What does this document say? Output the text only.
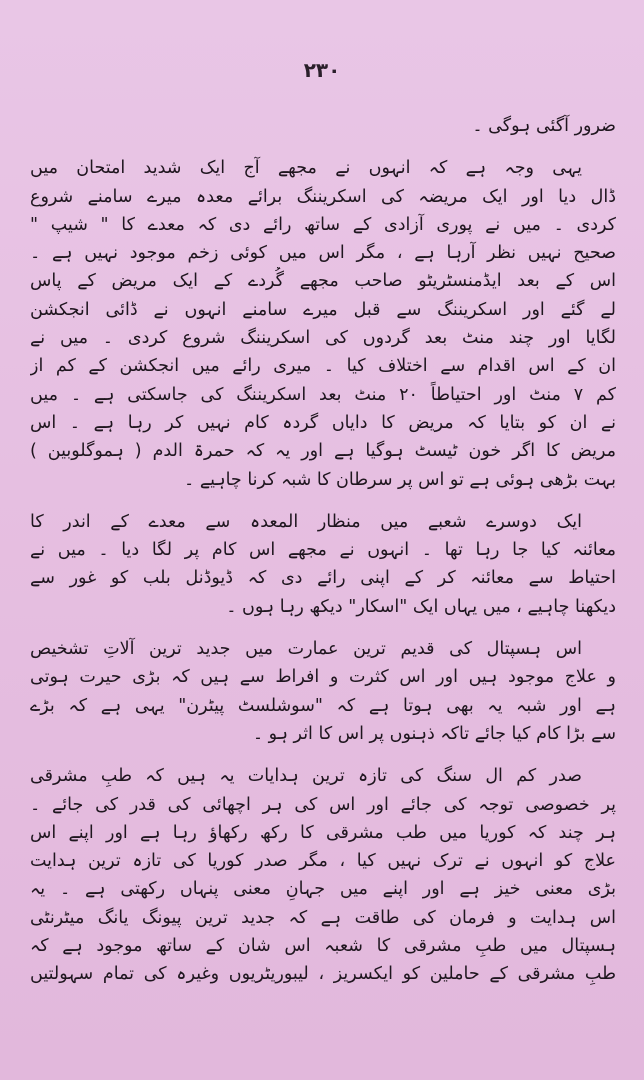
۲۳۰
ضرور آگئی ہوگی ۔
یہی وجہ ہے کہ انہوں نے مجھے آج ایک شدید امتحان میں
ڈال دیا اور ایک مریضہ کی اسکریننگ برائے معدہ میرے سامنے شروع
کردی ۔ میں نے پوری آزادی کے ساتھ رائے دی کہ معدے کا " شیپ "
صحیح نہیں نظر آرہا ہے ، مگر اس میں کوئی زخم موجود نہیں ہے ۔
اس کے بعد ایڈمنسٹریٹو صاحب مجھے گُردے کے ایک مریض کے پاس
لے گئے اور اسکریننگ سے قبل میرے سامنے انہوں نے ڈائی انجکشن
لگایا اور چند منٹ بعد گردوں کی اسکریننگ شروع کردی ۔ میں نے
ان کے اس اقدام سے اختلاف کیا ۔ میری رائے میں انجکشن کے کم از
کم ۷ منٹ اور احتیاطاً ۲۰ منٹ بعد اسکریننگ کی جاسکتی ہے ۔ میں
نے ان کو بتایا کہ مریض کا دایاں گردہ کام نہیں کر رہا ہے ۔ اس
مریض کا اگر خون ٹیسٹ ہوگیا ہے اور یہ کہ حمرۃ الدم ( ہموگلوبین )
بہت بڑھی ہوئی ہے تو اس پر سرطان کا شبہ کرنا چاہیے ۔
ایک دوسرے شعبے میں منظار المعدہ سے معدے کے اندر کا
معائنہ کیا جا رہا تھا ۔ انہوں نے مجھے اس کام پر لگا دیا ۔ میں نے
احتیاط سے معائنہ کر کے اپنی رائے دی کہ ڈیوڈنل بلب کو غور سے
دیکھنا چاہیے ، میں یہاں ایک "اسکار" دیکھ رہا ہوں ۔
اس ہسپتال کی قدیم ترین عمارت میں جدید ترین آلاتِ تشخیص
و علاج موجود ہیں اور اس کثرت و افراط سے ہیں کہ بڑی حیرت ہوتی
ہے اور شبہ یہ بھی ہوتا ہے کہ "سوشلسٹ پیٹرن" یہی ہے کہ بڑے
سے بڑا کام کیا جائے تاکہ ذہنوں پر اس کا اثر ہو ۔
صدر کم ال سنگ کی تازہ ترین ہدایات یہ ہیں کہ طبِ مشرقی
پر خصوصی توجہ کی جائے اور اس کی ہر اچھائی کی قدر کی جائے ۔
ہر چند کہ کوریا میں طب مشرقی کا رکھ رکھاؤ رہا ہے اور اپنے اس
علاج کو انہوں نے ترک نہیں کیا ، مگر صدر کوریا کی تازہ ترین ہدایت
بڑی معنی خیز ہے اور اپنے میں جہانِ معنی پنہاں رکھتی ہے ۔ یہ
اس ہدایت و فرمان کی طاقت ہے کہ جدید ترین پیونگ یانگ میٹرنٹی
ہسپتال میں طبِ مشرقی کا شعبہ اس شان کے ساتھ موجود ہے کہ
طبِ مشرقی کے حاملین کو ایکسریز ، لیبوریٹریوں وغیرہ کی تمام سہولتیں
